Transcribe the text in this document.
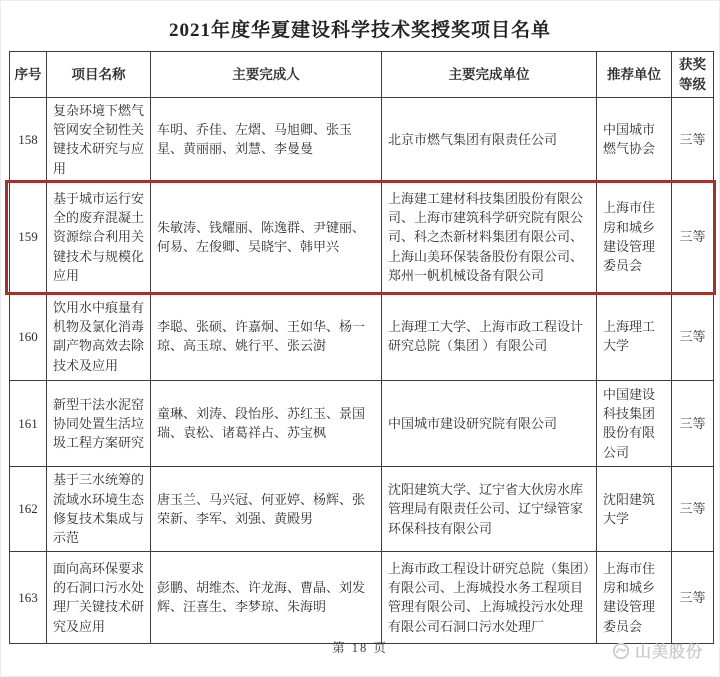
2021年度华夏建设科学技术奖授奖项目名单
序号	项目名称	主要完成人	主要完成单位	推荐单位	获奖等级
158	复杂环境下燃气管网安全韧性关键技术研究与应用	车明、乔佳、左熠、马旭卿、张玉星、黄丽丽、刘慧、李曼曼	北京市燃气集团有限责任公司	中国城市燃气协会	三等
159	基于城市运行安全的废弃混凝土资源综合利用关键技术与规模化应用	朱敏涛、钱耀丽、陈逸群、尹键丽、何易、左俊卿、吴晓宇、韩甲兴	上海建工建材科技集团股份有限公司、上海市建筑科学研究院有限公司、科之杰新材料集团有限公司、上海山美环保装备股份有限公司、郑州一帆机械设备有限公司	上海市住房和城乡建设管理委员会	三等
160	饮用水中痕量有机物及氯化消毒副产物高效去除技术及应用	李聪、张硕、许嘉炯、王如华、杨一琼、高玉琼、姚行平、张云澍	上海理工大学、上海市政工程设计研究总院（集团 ）有限公司	上海理工大学	三等
161	新型干法水泥窑协同处置生活垃圾工程方案研究	童琳、刘涛、段怡彤、苏红玉、景国瑞、袁松、诸葛祥占、苏宝枫	中国城市建设研究院有限公司	中国建设科技集团股份有限公司	三等
162	基于三水统筹的流域水环境生态修复技术集成与示范	唐玉兰、马兴冠、何亚婷、杨辉、张荣新、李军、刘强、黄殿男	沈阳建筑大学、辽宁省大伙房水库管理局有限责任公司、辽宁绿管家环保科技有限公司	沈阳建筑大学	三等
163	面向高环保要求的石洞口污水处理厂关键技术研究及应用	彭鹏、胡维杰、许龙海、曹晶、刘发辉、汪喜生、李梦琼、朱海明	上海市政工程设计研究总院（集团）有限公司、上海城投水务工程项目管理有限公司、上海城投污水处理有限公司石洞口污水处理厂	上海市住房和城乡建设管理委员会	三等
第 18 页	山美股份
